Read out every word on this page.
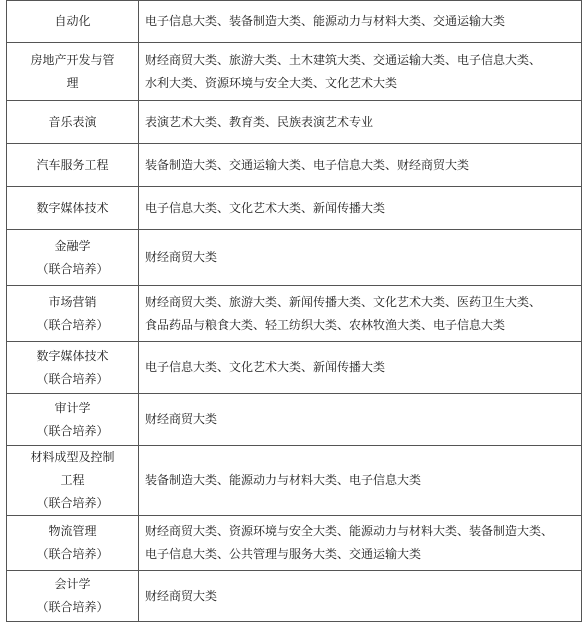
自动化	电子信息大类、装备制造大类、能源动力与材料大类、交通运输大类

房地产开发与管
理	财经商贸大类、旅游大类、土木建筑大类、交通运输大类、电子信息大类、
水利大类、资源环境与安全大类、文化艺术大类

音乐表演	表演艺术大类、教育类、民族表演艺术专业

汽车服务工程	装备制造大类、交通运输大类、电子信息大类、财经商贸大类

数字媒体技术	电子信息大类、文化艺术大类、新闻传播大类

金融学
（联合培养）	财经商贸大类

市场营销
（联合培养）	财经商贸大类、旅游大类、新闻传播大类、文化艺术大类、医药卫生大类、
食品药品与粮食大类、轻工纺织大类、农林牧渔大类、电子信息大类

数字媒体技术
（联合培养）	电子信息大类、文化艺术大类、新闻传播大类

审计学
（联合培养）	财经商贸大类

材料成型及控制
工程
（联合培养）	装备制造大类、能源动力与材料大类、电子信息大类

物流管理
（联合培养）	财经商贸大类、资源环境与安全大类、能源动力与材料大类、装备制造大类、
电子信息大类、公共管理与服务大类、交通运输大类

会计学
（联合培养）	财经商贸大类
